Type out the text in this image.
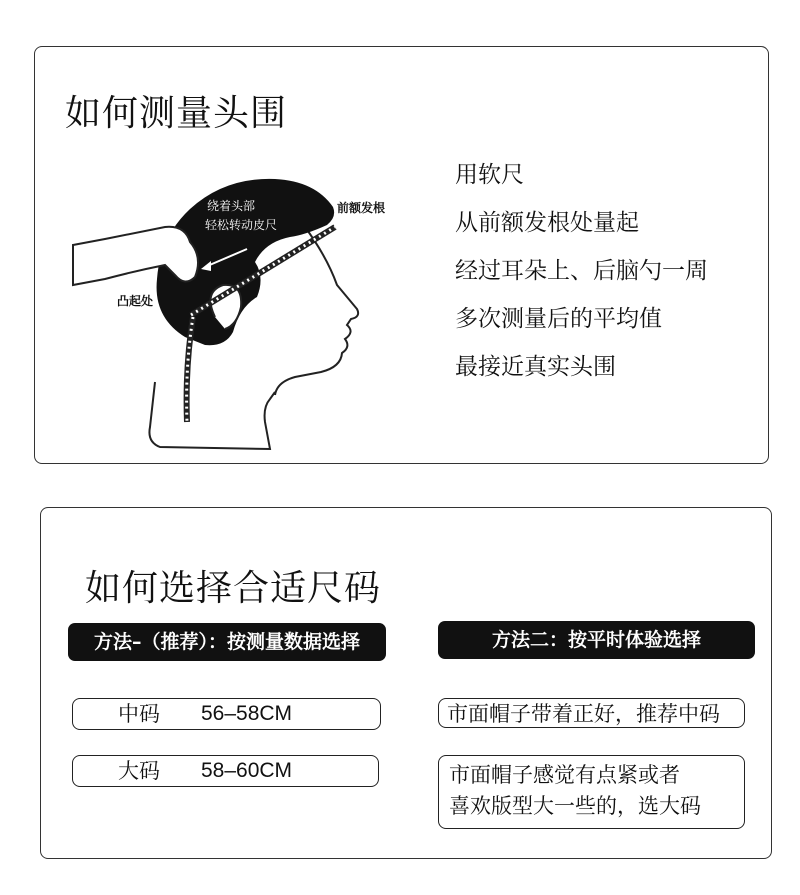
如何测量头围
绕着头部
轻松转动皮尺
前额发根
凸起处
用软尺
从前额发根处量起
经过耳朵上、后脑勺一周
多次测量后的平均值
最接近真实头围
如何选择合适尺码
方法–（推荐）：按测量数据选择	方法二：按平时体验选择
中码 56–58CM
大码 58–60CM
市面帽子带着正好，推荐中码
市面帽子感觉有点紧或者
喜欢版型大一些的，选大码
